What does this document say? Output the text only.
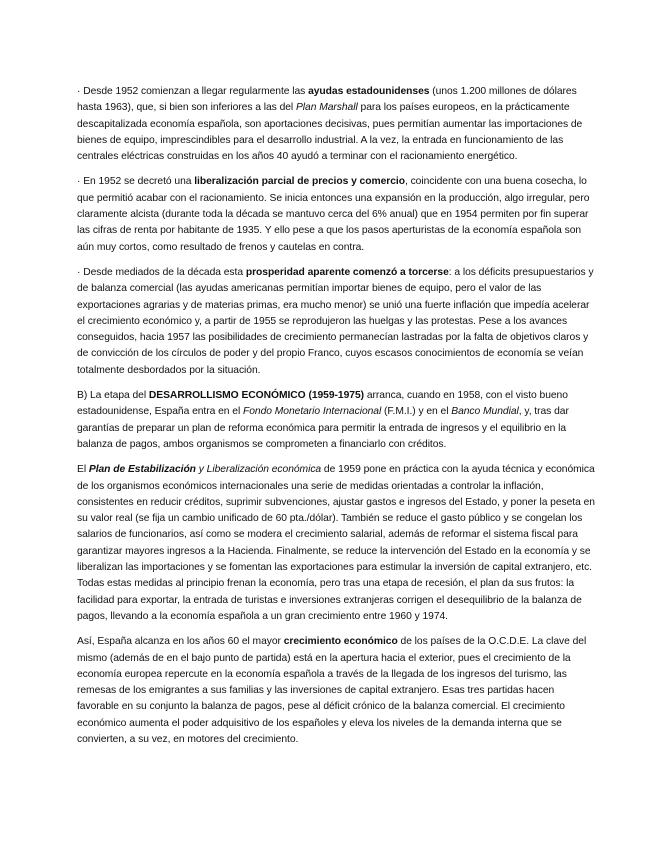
· Desde 1952 comienzan a llegar regularmente las ayudas estadounidenses (unos 1.200 millones de dólares hasta 1963), que, si bien son inferiores a las del Plan Marshall para los países europeos, en la prácticamente descapitalizada economía española, son aportaciones decisivas, pues permitían aumentar las importaciones de bienes de equipo, imprescindibles para el desarrollo industrial. A la vez, la entrada en funcionamiento de las centrales eléctricas construidas en los años 40 ayudó a terminar con el racionamiento energético.

· En 1952 se decretó una liberalización parcial de precios y comercio, coincidente con una buena cosecha, lo que permitió acabar con el racionamiento. Se inicia entonces una expansión en la producción, algo irregular, pero claramente alcista (durante toda la década se mantuvo cerca del 6% anual) que en 1954 permiten por fin superar las cifras de renta por habitante de 1935. Y ello pese a que los pasos aperturistas de la economía española son aún muy cortos, como resultado de frenos y cautelas en contra.

· Desde mediados de la década esta prosperidad aparente comenzó a torcerse: a los déficits presupuestarios y de balanza comercial (las ayudas americanas permitían importar bienes de equipo, pero el valor de las exportaciones agrarias y de materias primas, era mucho menor) se unió una fuerte inflación que impedía acelerar el crecimiento económico y, a partir de 1955 se reprodujeron las huelgas y las protestas. Pese a los avances conseguidos, hacia 1957 las posibilidades de crecimiento permanecían lastradas por la falta de objetivos claros y de convicción de los círculos de poder y del propio Franco, cuyos escasos conocimientos de economía se veían totalmente desbordados por la situación.

B) La etapa del DESARROLLISMO ECONÓMICO (1959-1975) arranca, cuando en 1958, con el visto bueno estadounidense, España entra en el Fondo Monetario Internacional (F.M.I.) y en el Banco Mundial, y, tras dar garantías de preparar un plan de reforma económica para permitir la entrada de ingresos y el equilibrio en la balanza de pagos, ambos organismos se comprometen a financiarlo con créditos.

El Plan de Estabilización y Liberalización económica de 1959 pone en práctica con la ayuda técnica y económica de los organismos económicos internacionales una serie de medidas orientadas a controlar la inflación, consistentes en reducir créditos, suprimir subvenciones, ajustar gastos e ingresos del Estado, y poner la peseta en su valor real (se fija un cambio unificado de 60 pta./dólar). También se reduce el gasto público y se congelan los salarios de funcionarios, así como se modera el crecimiento salarial, además de reformar el sistema fiscal para garantizar mayores ingresos a la Hacienda. Finalmente, se reduce la intervención del Estado en la economía y se liberalizan las importaciones y se fomentan las exportaciones para estimular la inversión de capital extranjero, etc. Todas estas medidas al principio frenan la economía, pero tras una etapa de recesión, el plan da sus frutos: la facilidad para exportar, la entrada de turistas e inversiones extranjeras corrigen el desequilibrio de la balanza de pagos, llevando a la economía española a un gran crecimiento entre 1960 y 1974.

Así, España alcanza en los años 60 el mayor crecimiento económico de los países de la O.C.D.E. La clave del mismo (además de en el bajo punto de partida) está en la apertura hacia el exterior, pues el crecimiento de la economía europea repercute en la economía española a través de la llegada de los ingresos del turismo, las remesas de los emigrantes a sus familias y las inversiones de capital extranjero. Esas tres partidas hacen favorable en su conjunto la balanza de pagos, pese al déficit crónico de la balanza comercial. El crecimiento económico aumenta el poder adquisitivo de los españoles y eleva los niveles de la demanda interna que se convierten, a su vez, en motores del crecimiento.
